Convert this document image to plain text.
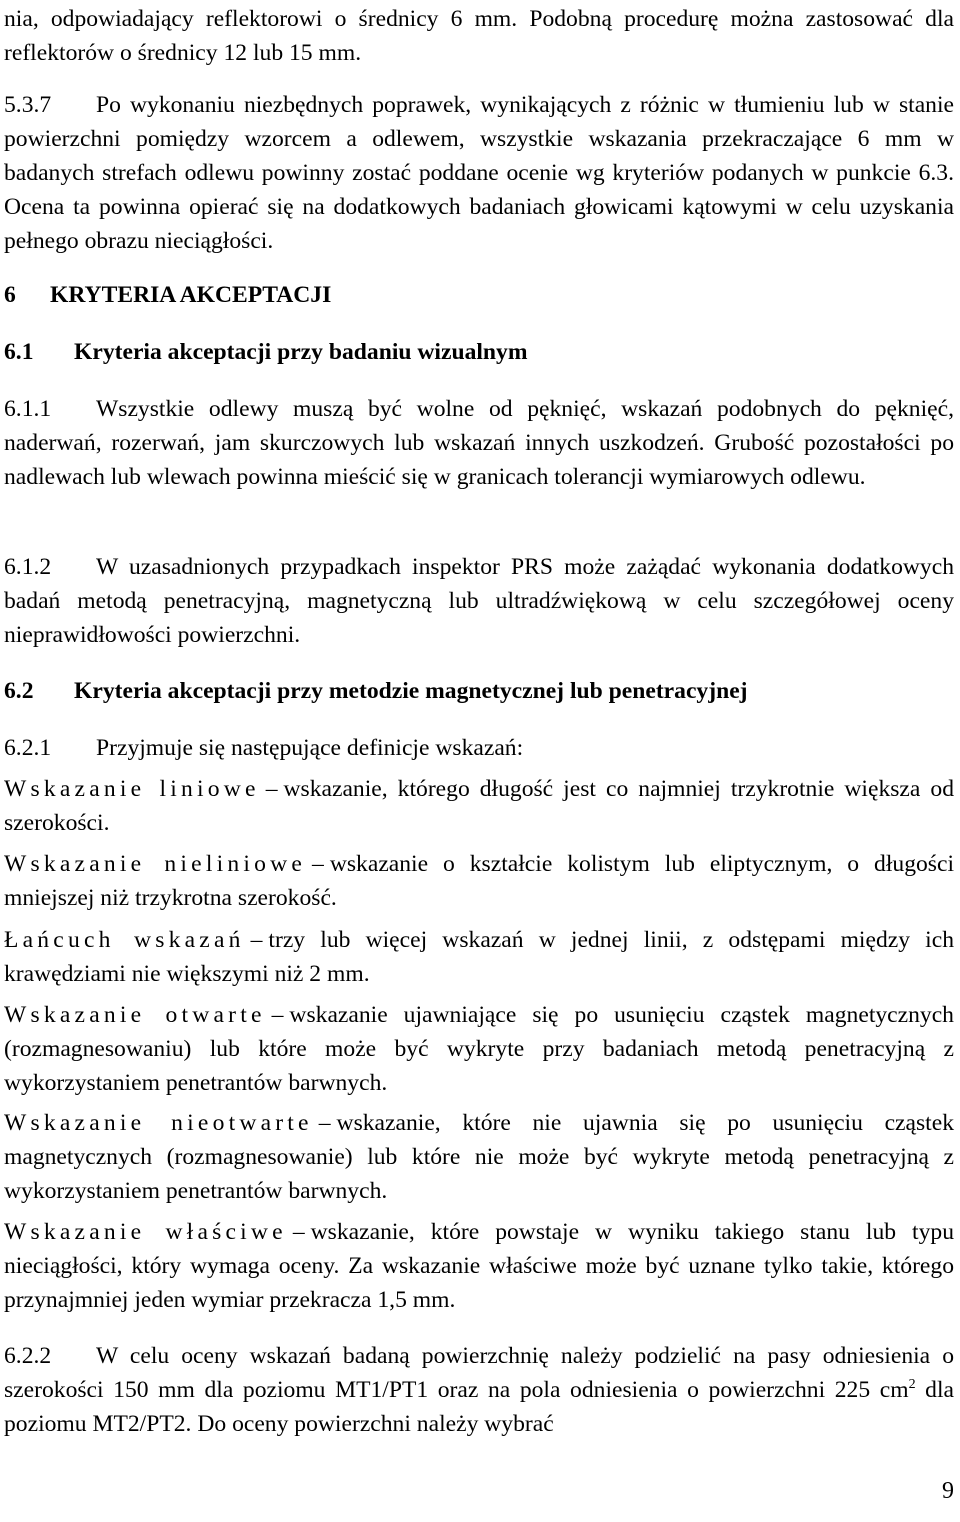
nia, odpowiadający reflektorowi o średnicy 6 mm. Podobną procedurę można zastosować dla reflektorów o średnicy 12 lub 15 mm.

5.3.7 Po wykonaniu niezbędnych poprawek, wynikających z różnic w tłumieniu lub w stanie powierzchni pomiędzy wzorcem a odlewem, wszystkie wskazania przekraczające 6 mm w badanych strefach odlewu powinny zostać poddane ocenie wg kryteriów podanych w punkcie 6.3. Ocena ta powinna opierać się na dodatkowych badaniach głowicami kątowymi w celu uzyskania pełnego obrazu nieciągłości.

6 KRYTERIA AKCEPTACJI
6.1 Kryteria akceptacji przy badaniu wizualnym

6.1.1 Wszystkie odlewy muszą być wolne od pęknięć, wskazań podobnych do pęknięć, naderwań, rozerwań, jam skurczowych lub wskazań innych uszkodzeń. Grubość pozostałości po nadlewach lub wlewach powinna mieścić się w granicach tolerancji wymiarowych odlewu.

6.1.2 W uzasadnionych przypadkach inspektor PRS może zażądać wykonania dodatkowych badań metodą penetracyjną, magnetyczną lub ultradźwiękową w celu szczegółowej oceny nieprawidłowości powierzchni.

6.2 Kryteria akceptacji przy metodzie magnetycznej lub penetracyjnej

6.2.1 Przyjmuje się następujące definicje wskazań:

Wskazanie liniowe – wskazanie, którego długość jest co najmniej trzykrotnie większa od szerokości.

Wskazanie nieliniowe – wskazanie o kształcie kolistym lub eliptycznym, o długości mniejszej niż trzykrotna szerokość.

Łańcuch wskazań – trzy lub więcej wskazań w jednej linii, z odstępami między ich krawędziami nie większymi niż 2 mm.

Wskazanie otwarte – wskazanie ujawniające się po usunięciu cząstek magnetycznych (rozmagnesowaniu) lub które może być wykryte przy badaniach metodą penetracyjną z wykorzystaniem penetrantów barwnych.

Wskazanie nieotwarte – wskazanie, które nie ujawnia się po usunięciu cząstek magnetycznych (rozmagnesowanie) lub które nie może być wykryte metodą penetracyjną z wykorzystaniem penetrantów barwnych.

Wskazanie właściwe – wskazanie, które powstaje w wyniku takiego stanu lub typu nieciągłości, który wymaga oceny. Za wskazanie właściwe może być uznane tylko takie, którego przynajmniej jeden wymiar przekracza 1,5 mm.

6.2.2 W celu oceny wskazań badaną powierzchnię należy podzielić na pasy odniesienia o szerokości 150 mm dla poziomu MT1/PT1 oraz na pola odniesienia o powierzchni 225 $cm^2$ dla poziomu MT2/PT2. Do oceny powierzchni należy wybrać

9
